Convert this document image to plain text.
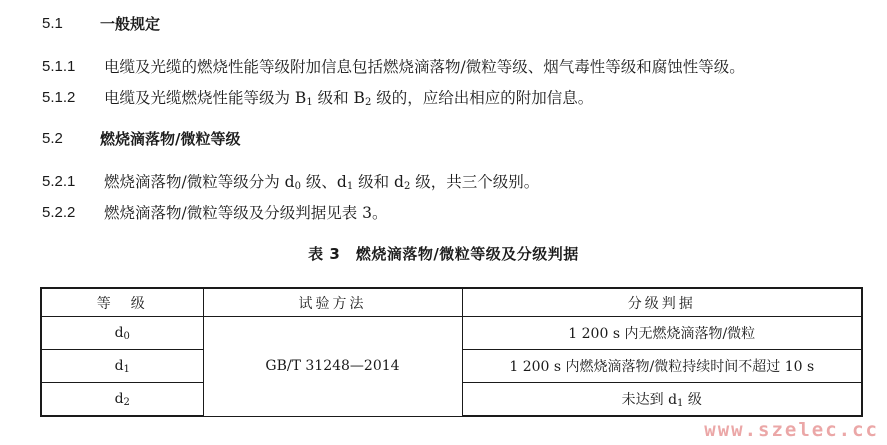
5.1 一般规定
5.1.1 电缆及光缆的燃烧性能等级附加信息包括燃烧滴落物/微粒等级、烟气毒性等级和腐蚀性等级。
5.1.2 电缆及光缆燃烧性能等级为 $B_1$ 级和 $B_2$ 级的，应给出相应的附加信息。
5.2 燃烧滴落物/微粒等级
5.2.1 燃烧滴落物/微粒等级分为 $d_0$ 级、$d_1$ 级和 $d_2$ 级，共三个级别。
5.2.2 燃烧滴落物/微粒等级及分级判据见表 3。
表 3　燃烧滴落物/微粒等级及分级判据
等　级	试验方法	分级判据
$d_0$	GB/T 31248—2014	1 200 s 内无燃烧滴落物/微粒
$d_1$		1 200 s 内燃烧滴落物/微粒持续时间不超过 10 s
$d_2$		未达到 $d_1$ 级
www.szelec.cc
